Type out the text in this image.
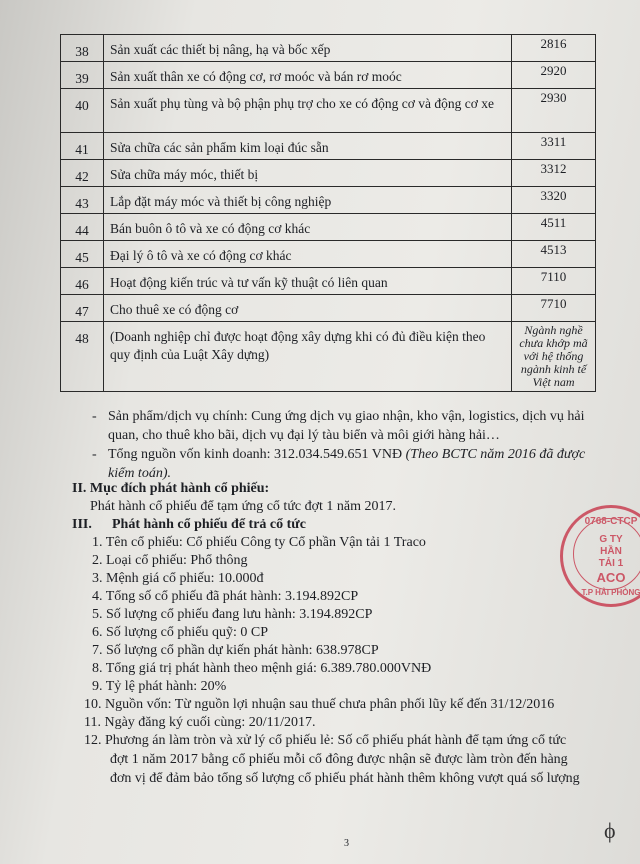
38	Sản xuất các thiết bị nâng, hạ và bốc xếp	2816
39	Sản xuất thân xe có động cơ, rơ moóc và bán rơ moóc	2920
40	Sản xuất phụ tùng và bộ phận phụ trợ cho xe có động cơ và động cơ xe	2930
41	Sửa chữa các sản phẩm kim loại đúc sẵn	3311
42	Sửa chữa máy móc, thiết bị	3312
43	Lắp đặt máy móc và thiết bị công nghiệp	3320
44	Bán buôn ô tô và xe có động cơ khác	4511
45	Đại lý ô tô và xe có động cơ khác	4513
46	Hoạt động kiến trúc và tư vấn kỹ thuật có liên quan	7110
47	Cho thuê xe có động cơ	7710
48	(Doanh nghiệp chỉ được hoạt động xây dựng khi có đủ điều kiện theo quy định của Luật Xây dựng)	Ngành nghề chưa khớp mã với hệ thống ngành kinh tế Việt nam
- Sản phẩm/dịch vụ chính: Cung ứng dịch vụ giao nhận, kho vận, logistics, dịch vụ hải
quan, cho thuê kho bãi, dịch vụ đại lý tàu biển và môi giới hàng hải…
- Tổng nguồn vốn kinh doanh: 312.034.549.651 VNĐ (Theo BCTC năm 2016 đã được
kiểm toán).
II. Mục đích phát hành cổ phiếu:
Phát hành cổ phiếu để tạm ứng cổ tức đợt 1 năm 2017.
III. Phát hành cổ phiếu để trả cổ tức
1. Tên cổ phiếu: Cổ phiếu Công ty Cổ phần Vận tải 1 Traco
2. Loại cổ phiếu: Phổ thông
3. Mệnh giá cổ phiếu: 10.000đ
4. Tổng số cổ phiếu đã phát hành: 3.194.892CP
5. Số lượng cổ phiếu đang lưu hành: 3.194.892CP
6. Số lượng cổ phiếu quỹ: 0 CP
7. Số lượng cổ phần dự kiến phát hành: 638.978CP
8. Tổng giá trị phát hành theo mệnh giá: 6.389.780.000VNĐ
9. Tỷ lệ phát hành: 20%
10. Nguồn vốn: Từ nguồn lợi nhuận sau thuế chưa phân phối lũy kế đến 31/12/2016
11. Ngày đăng ký cuối cùng: 20/11/2017.
12. Phương án làm tròn và xử lý cổ phiếu lẻ: Số cổ phiếu phát hành để tạm ứng cổ tức
đợt 1 năm 2017 bằng cổ phiếu mỗi cổ đông được nhận sẽ được làm tròn đến hàng
đơn vị để đảm bảo tổng số lượng cổ phiếu phát hành thêm không vượt quá số lượng
0768-CTCP
G TY
HẦN
TẢI 1
ACO
T.P HẢI PHÒNG
3
ϕ
